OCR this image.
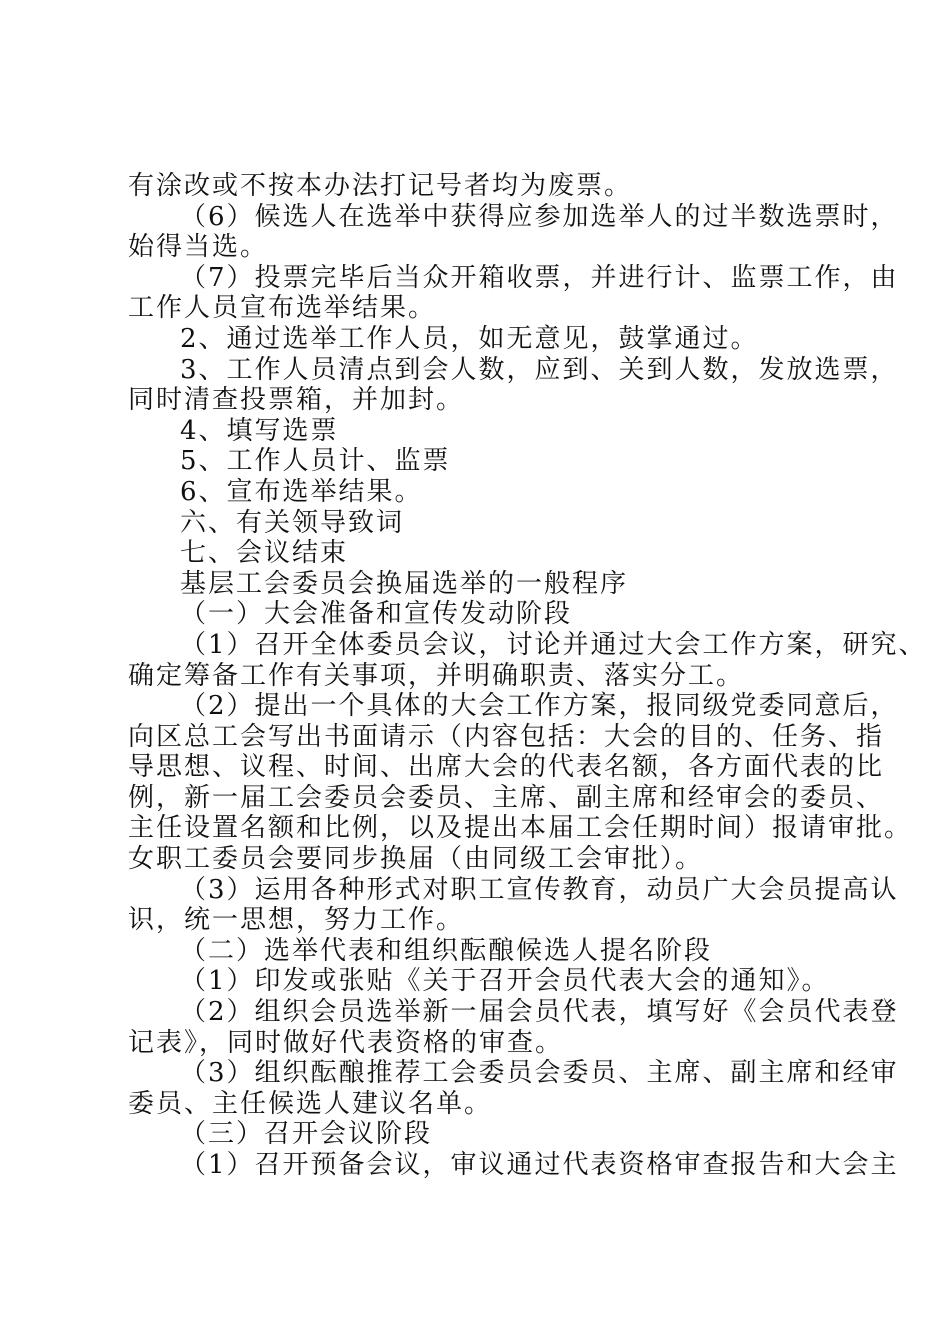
有涂改或不按本办法打记号者均为废票。
（6）候选人在选举中获得应参加选举人的过半数选票时，
始得当选。
（7）投票完毕后当众开箱收票，并进行计、监票工作，由
工作人员宣布选举结果。
2、通过选举工作人员，如无意见，鼓掌通过。
3、工作人员清点到会人数，应到、关到人数，发放选票，
同时清查投票箱，并加封。
4、填写选票
5、工作人员计、监票
6、宣布选举结果。
六、有关领导致词
七、会议结束
基层工会委员会换届选举的一般程序
（一）大会准备和宣传发动阶段
（1）召开全体委员会议，讨论并通过大会工作方案，研究、
确定筹备工作有关事项，并明确职责、落实分工。
（2）提出一个具体的大会工作方案，报同级党委同意后，
向区总工会写出书面请示（内容包括：大会的目的、任务、指
导思想、议程、时间、出席大会的代表名额，各方面代表的比
例，新一届工会委员会委员、主席、副主席和经审会的委员、
主任设置名额和比例，以及提出本届工会任期时间）报请审批。
女职工委员会要同步换届（由同级工会审批）。
（3）运用各种形式对职工宣传教育，动员广大会员提高认
识，统一思想，努力工作。
（二）选举代表和组织酝酿候选人提名阶段
（1）印发或张贴《关于召开会员代表大会的通知》。
（2）组织会员选举新一届会员代表，填写好《会员代表登
记表》，同时做好代表资格的审查。
（3）组织酝酿推荐工会委员会委员、主席、副主席和经审
委员、主任候选人建议名单。
（三）召开会议阶段
（1）召开预备会议，审议通过代表资格审查报告和大会主
